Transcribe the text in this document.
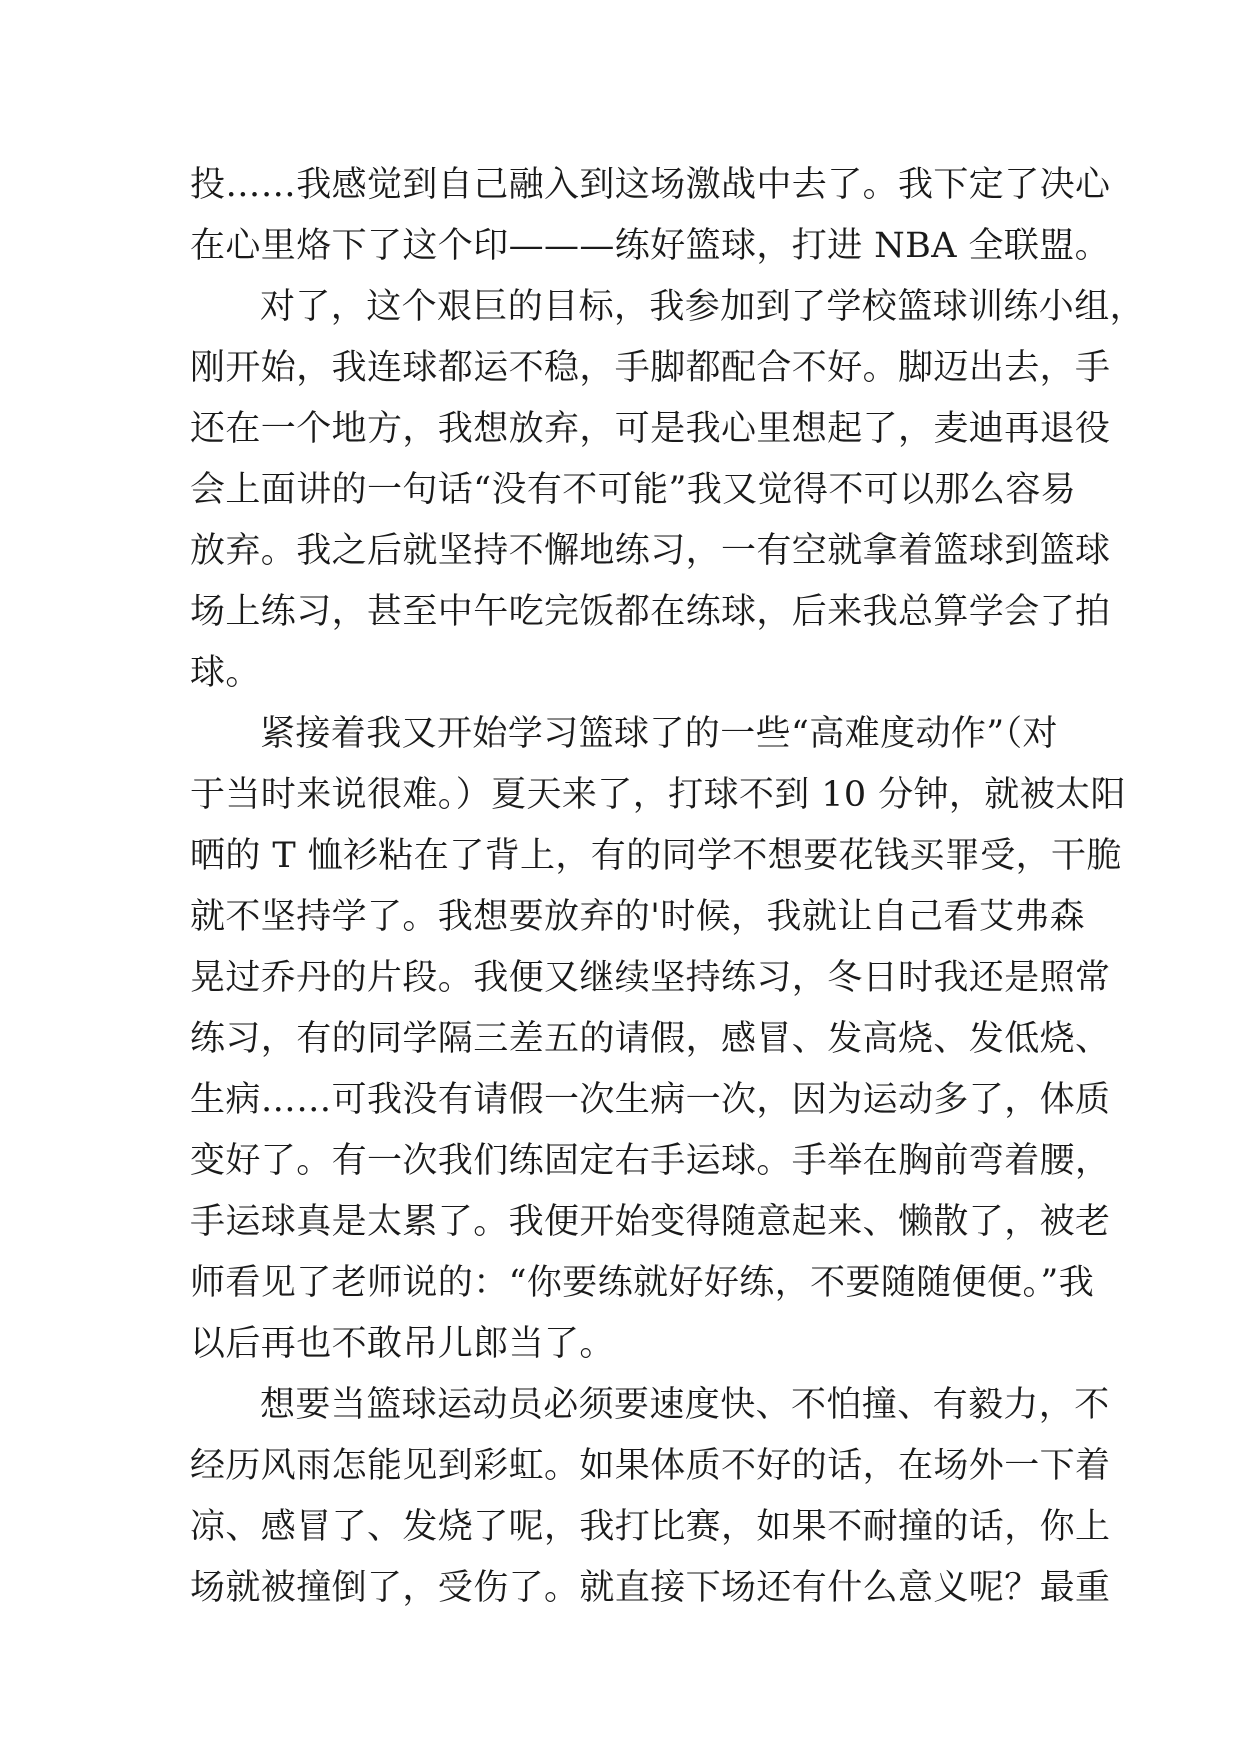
投……我感觉到自己融入到这场激战中去了。我下定了决心
在心里烙下了这个印———练好篮球，打进 NBA 全联盟。
对了，这个艰巨的目标，我参加到了学校篮球训练小组，
刚开始，我连球都运不稳，手脚都配合不好。脚迈出去，手
还在一个地方，我想放弃，可是我心里想起了，麦迪再退役
会上面讲的一句话“没有不可能”我又觉得不可以那么容易
放弃。我之后就坚持不懈地练习，一有空就拿着篮球到篮球
场上练习，甚至中午吃完饭都在练球，后来我总算学会了拍
球。
紧接着我又开始学习篮球了的一些“高难度动作”（对
于当时来说很难。）夏天来了，打球不到 10 分钟，就被太阳
晒的 T 恤衫粘在了背上，有的同学不想要花钱买罪受，干脆
就不坚持学了。我想要放弃的'时候，我就让自己看艾弗森
晃过乔丹的片段。我便又继续坚持练习，冬日时我还是照常
练习，有的同学隔三差五的请假，感冒、发高烧、发低烧、
生病……可我没有请假一次生病一次，因为运动多了，体质
变好了。有一次我们练固定右手运球。手举在胸前弯着腰，
手运球真是太累了。我便开始变得随意起来、懒散了，被老
师看见了老师说的：“你要练就好好练，不要随随便便。”我
以后再也不敢吊儿郎当了。
想要当篮球运动员必须要速度快、不怕撞、有毅力，不
经历风雨怎能见到彩虹。如果体质不好的话，在场外一下着
凉、感冒了、发烧了呢，我打比赛，如果不耐撞的话，你上
场就被撞倒了，受伤了。就直接下场还有什么意义呢？最重
